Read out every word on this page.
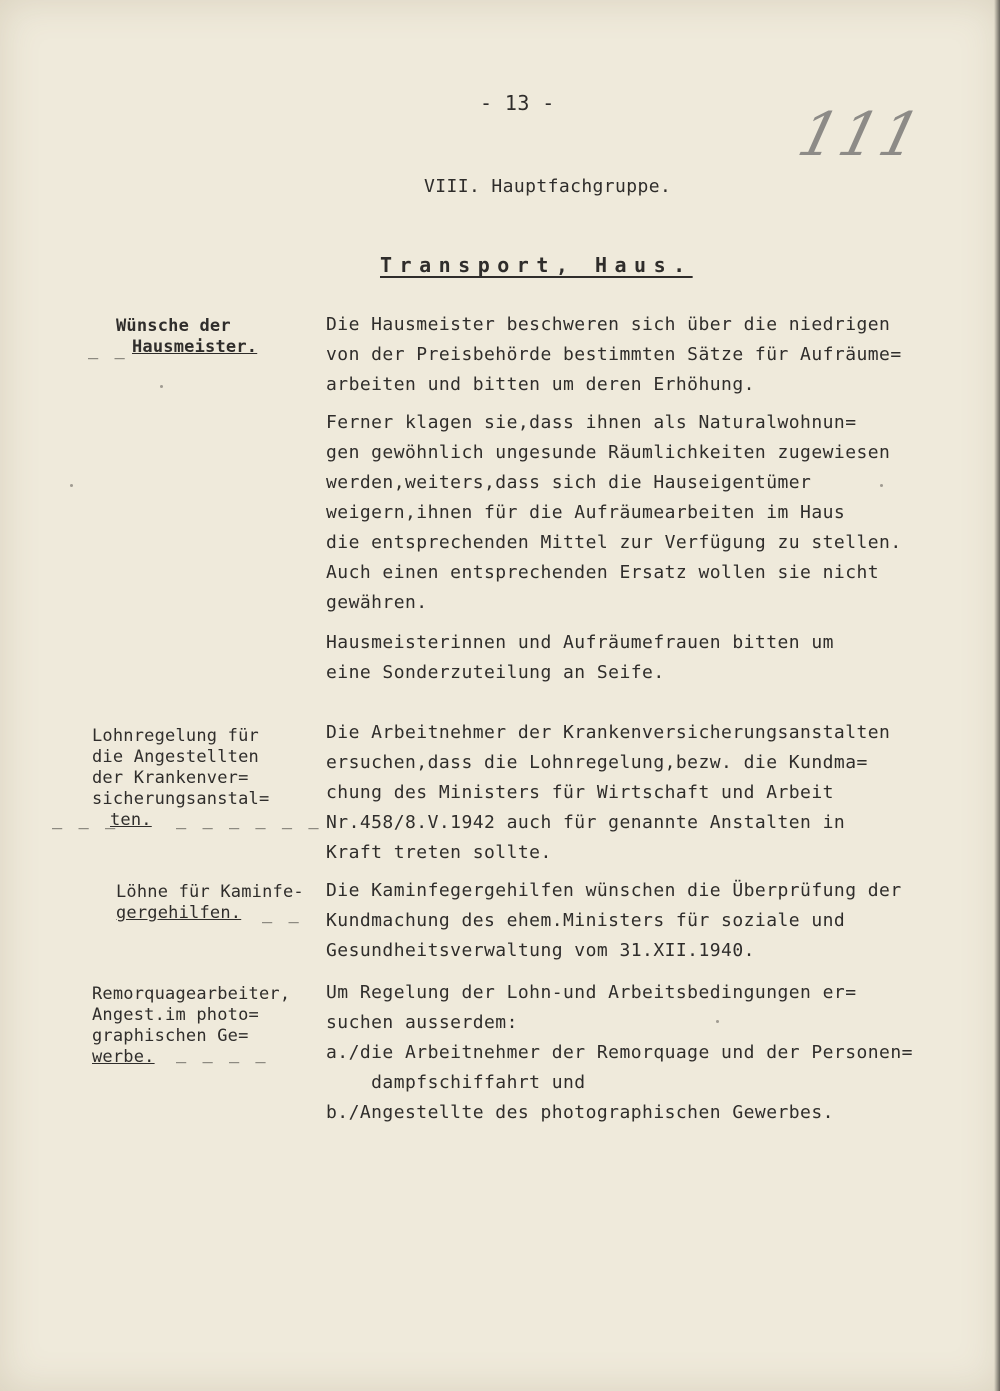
- 13 -	111
VIII. Hauptfachgruppe.
Transport, Haus.
Wünsche der
Hausmeister.
_ _
Die Hausmeister beschweren sich über die niedrigen
von der Preisbehörde bestimmten Sätze für Aufräume=
arbeiten und bitten um deren Erhöhung.
Ferner klagen sie,dass ihnen als Naturalwohnun=
gen gewöhnlich ungesunde Räumlichkeiten zugewiesen
werden,weiters,dass sich die Hauseigentümer
weigern,ihnen für die Aufräumearbeiten im Haus
die entsprechenden Mittel zur Verfügung zu stellen.
Auch einen entsprechenden Ersatz wollen sie nicht
gewähren.
Hausmeisterinnen und Aufräumefrauen bitten um
eine Sonderzuteilung an Seife.
Lohnregelung für
die Angestellten
der Krankenver=
sicherungsanstal=
ten.
_ _ _	_ _ _ _ _ _
Die Arbeitnehmer der Krankenversicherungsanstalten
ersuchen,dass die Lohnregelung,bezw. die Kundma=
chung des Ministers für Wirtschaft und Arbeit
Nr.458/8.V.1942 auch für genannte Anstalten in
Kraft treten sollte.
Löhne für Kaminfe-
gergehilfen.	_ _
Die Kaminfegergehilfen wünschen die Überprüfung der
Kundmachung des ehem.Ministers für soziale und
Gesundheitsverwaltung vom 31.XII.1940.
Remorquagearbeiter,
Angest.im photo=
graphischen Ge=
werbe.	_ _ _ _
Um Regelung der Lohn-und Arbeitsbedingungen er=
suchen ausserdem:
a./die Arbeitnehmer der Remorquage und der Personen=
dampfschiffahrt und
b./Angestellte des photographischen Gewerbes.
